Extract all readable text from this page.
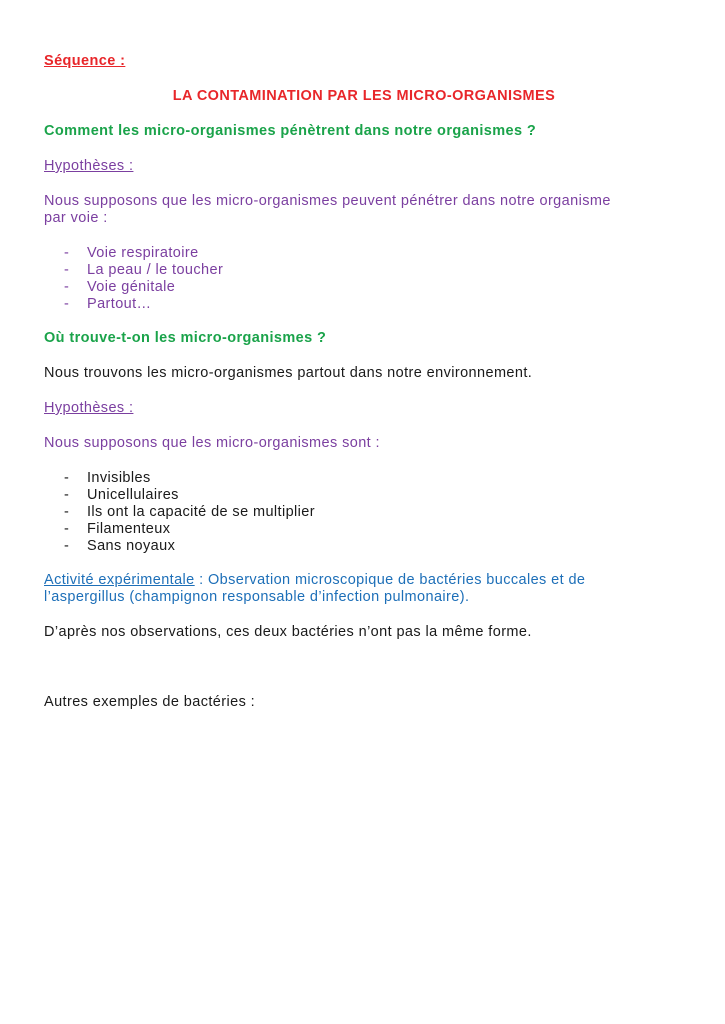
Séquence :
LA CONTAMINATION PAR LES MICRO-ORGANISMES
Comment les micro-organismes pénètrent dans notre organismes ?
Hypothèses :
Nous supposons que les micro-organismes peuvent pénétrer dans notre organisme
par voie :
- Voie respiratoire
- La peau / le toucher
- Voie génitale
- Partout…
Où trouve-t-on les micro-organismes ?
Nous trouvons les micro-organismes partout dans notre environnement.
Hypothèses :
Nous supposons que les micro-organismes sont :
- Invisibles
- Unicellulaires
- Ils ont la capacité de se multiplier
- Filamenteux
- Sans noyaux
Activité expérimentale : Observation microscopique de bactéries buccales et de
l’aspergillus (champignon responsable d’infection pulmonaire).
D’après nos observations, ces deux bactéries n’ont pas la même forme.
Autres exemples de bactéries :
